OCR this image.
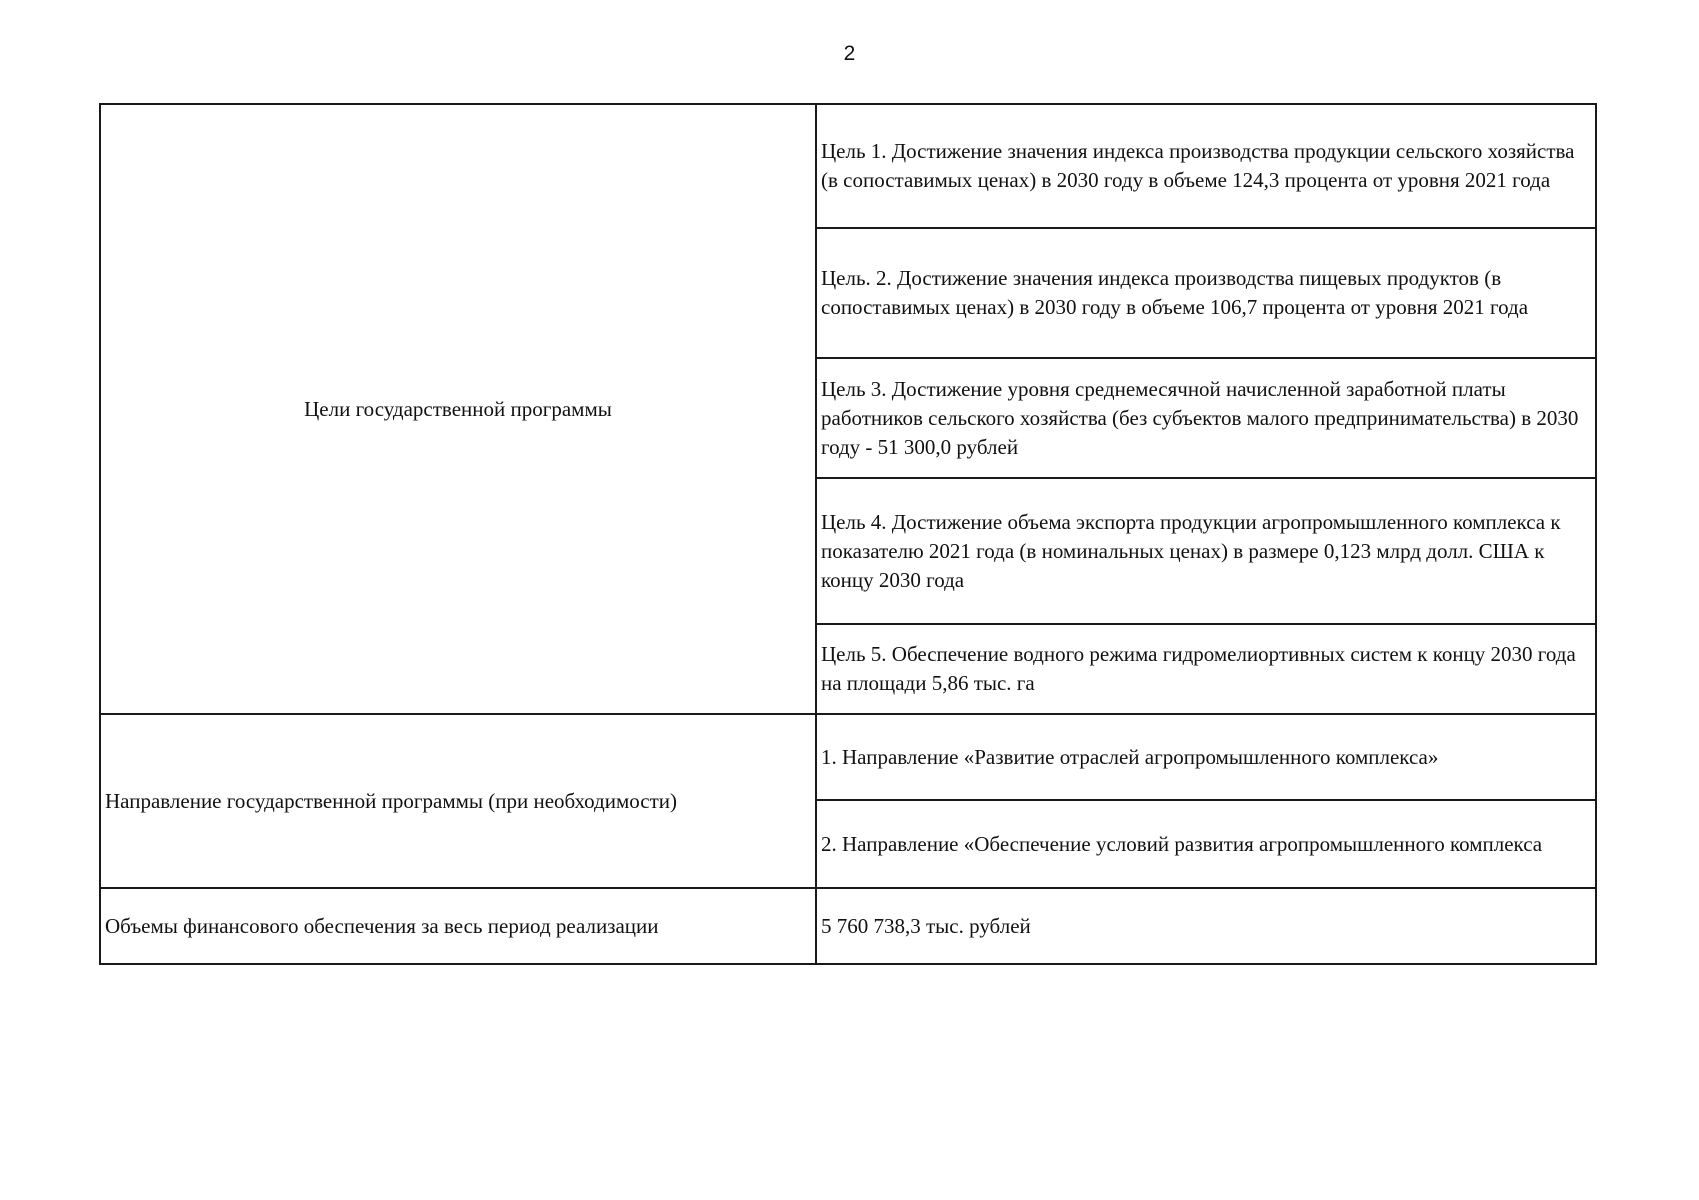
2
Цели государственной программы	Цель 1. Достижение значения индекса производства продукции сельского хозяйства (в сопоставимых ценах) в 2030 году в объеме 124,3 процента от уровня 2021 года
	Цель. 2. Достижение значения индекса производства пищевых продуктов (в сопоставимых ценах) в 2030 году в объеме 106,7 процента от уровня 2021 года
	Цель 3. Достижение уровня среднемесячной начисленной заработной платы работников сельского хозяйства (без субъектов малого предпринимательства) в 2030 году - 51 300,0 рублей
	Цель 4. Достижение объема экспорта продукции агропромышленного комплекса к показателю 2021 года (в номинальных ценах) в размере 0,123 млрд долл. США к концу 2030 года
	Цель 5. Обеспечение водного режима гидромелиортивных систем к концу 2030 года на площади 5,86 тыс. га
Направление государственной программы (при необходимости)	1. Направление «Развитие отраслей агропромышленного комплекса»
	2. Направление «Обеспечение условий развития агропромышленного комплекса
Объемы финансового обеспечения за весь период реализации	5 760 738,3 тыс. рублей
